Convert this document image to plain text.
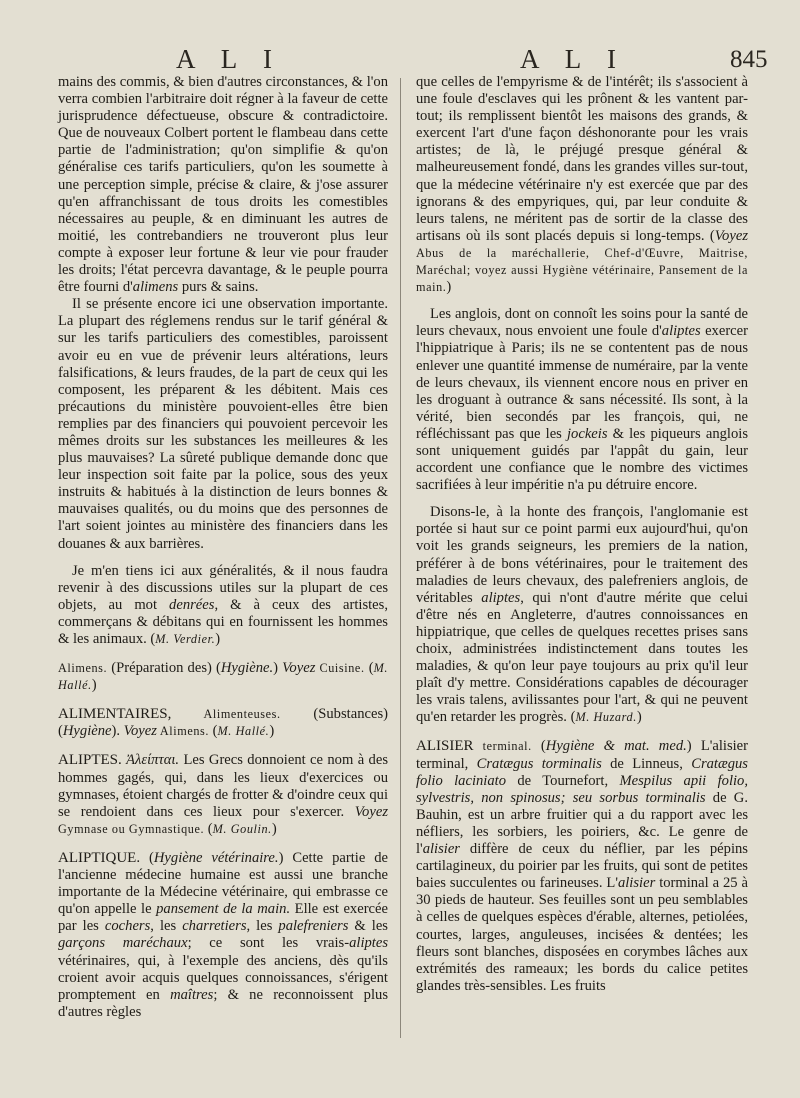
A L I	A L I	845

mains des commis, & bien d'autres circonstances, & l'on verra combien l'arbitraire doit régner à la faveur de cette jurisprudence défectueuse, obscure & contradictoire. Que de nouveaux Colbert portent le flambeau dans cette partie de l'administration; qu'on simplifie & qu'on généralise ces tarifs particuliers, qu'on les soumette à une perception simple, précise & claire, & j'ose assurer qu'en affranchissant de tous droits les comestibles nécessaires au peuple, & en diminuant les autres de moitié, les contrebandiers ne trouveront plus leur compte à exposer leur fortune & leur vie pour frauder les droits; l'état percevra davantage, & le peuple pourra être fourni d'alimens purs & sains.

Il se présente encore ici une observation importante. La plupart des réglemens rendus sur le tarif général & sur les tarifs particuliers des comestibles, paroissent avoir eu en vue de prévenir leurs altérations, leurs falsifications, & leurs fraudes, de la part de ceux qui les composent, les préparent & les débitent. Mais ces précautions du ministère pouvoient-elles être bien remplies par des financiers qui pouvoient percevoir les mêmes droits sur les substances les meilleures & les plus mauvaises? La sûreté publique demande donc que leur inspection soit faite par la police, sous des yeux instruits & habitués à la distinction de leurs bonnes & mauvaises qualités, ou du moins que des personnes de l'art soient jointes au ministère des financiers dans les douanes & aux barrières.

Je m'en tiens ici aux généralités, & il nous faudra revenir à des discussions utiles sur la plupart de ces objets, au mot denrées, & à ceux des artistes, commerçans & débitans qui en fournissent les hommes & les animaux. (M. Verdier.)

Alimens. (Préparation des) (Hygiène.) Voyez Cuisine. (M. Hallé.)

ALIMENTAIRES, Alimenteuses. (Substances) (Hygiène). Voyez Alimens. (M. Hallé.)

ALIPTES. Ἀλείπται. Les Grecs donnoient ce nom à des hommes gagés, qui, dans les lieux d'exercices ou gymnases, étoient chargés de frotter & d'oindre ceux qui se rendoient dans ces lieux pour s'exercer. Voyez Gymnase ou Gymnastique. (M. Goulin.)

ALIPTIQUE. (Hygiène vétérinaire.) Cette partie de l'ancienne médecine humaine est aussi une branche importante de la Médecine vétérinaire, qui embrasse ce qu'on appelle le pansement de la main. Elle est exercée par les cochers, les charretiers, les palefreniers & les garçons maréchaux; ce sont les vrais-aliptes vétérinaires, qui, à l'exemple des anciens, dès qu'ils croient avoir acquis quelques connoissances, s'érigent promptement en maîtres; & ne reconnoissent plus d'autres règles

que celles de l'empyrisme & de l'intérêt; ils s'associent à une foule d'esclaves qui les prônent & les vantent par-tout; ils remplissent bientôt les maisons des grands, & exercent l'art d'une façon déshonorante pour les vrais artistes; de là, le préjugé presque général & malheureusement fondé, dans les grandes villes sur-tout, que la médecine vétérinaire n'y est exercée que par des ignorans & des empyriques, qui, par leur conduite & leurs talens, ne méritent pas de sortir de la classe des artisans où ils sont placés depuis si long-temps. (Voyez Abus de la maréchallerie, Chef-d'Œuvre, Maitrise, Maréchal; voyez aussi Hygiène vétérinaire, Pansement de la main.)

Les anglois, dont on connoît les soins pour la santé de leurs chevaux, nous envoient une foule d'aliptes exercer l'hippiatrique à Paris; ils ne se contentent pas de nous enlever une quantité immense de numéraire, par la vente de leurs chevaux, ils viennent encore nous en priver en les droguant à outrance & sans nécessité. Ils sont, à la vérité, bien secondés par les françois, qui, ne réfléchissant pas que les jockeis & les piqueurs anglois sont uniquement guidés par l'appât du gain, leur accordent une confiance que le nombre des victimes sacrifiées à leur impéritie n'a pu détruire encore.

Disons-le, à la honte des françois, l'anglomanie est portée si haut sur ce point parmi eux aujourd'hui, qu'on voit les grands seigneurs, les premiers de la nation, préférer à de bons vétérinaires, pour le traitement des maladies de leurs chevaux, des palefreniers anglois, de véritables aliptes, qui n'ont d'autre mérite que celui d'être nés en Angleterre, d'autres connoissances en hippiatrique, que celles de quelques recettes prises sans choix, administrées indistinctement dans toutes les maladies, & qu'on leur paye toujours au prix qu'il leur plaît d'y mettre. Considérations capables de décourager les vrais talens, avilissantes pour l'art, & qui ne peuvent qu'en retarder les progrès. (M. Huzard.)

ALISIER terminal. (Hygiène & mat. med.) L'alisier terminal, Cratægus torminalis de Linneus, Cratægus folio laciniato de Tournefort, Mespilus apii folio, sylvestris, non spinosus; seu sorbus torminalis de G. Bauhin, est un arbre fruitier qui a du rapport avec les néfliers, les sorbiers, les poiriers, &c. Le genre de l'alisier diffère de ceux du néflier, par les pépins cartilagineux, du poirier par les fruits, qui sont de petites baies succulentes ou farineuses. L'alisier torminal a 25 à 30 pieds de hauteur. Ses feuilles sont un peu semblables à celles de quelques espèces d'érable, alternes, petiolées, courtes, larges, anguleuses, incisées & dentées; les fleurs sont blanches, disposées en corymbes lâches aux extrémités des rameaux; les bords du calice petites glandes très-sensibles. Les fruits
